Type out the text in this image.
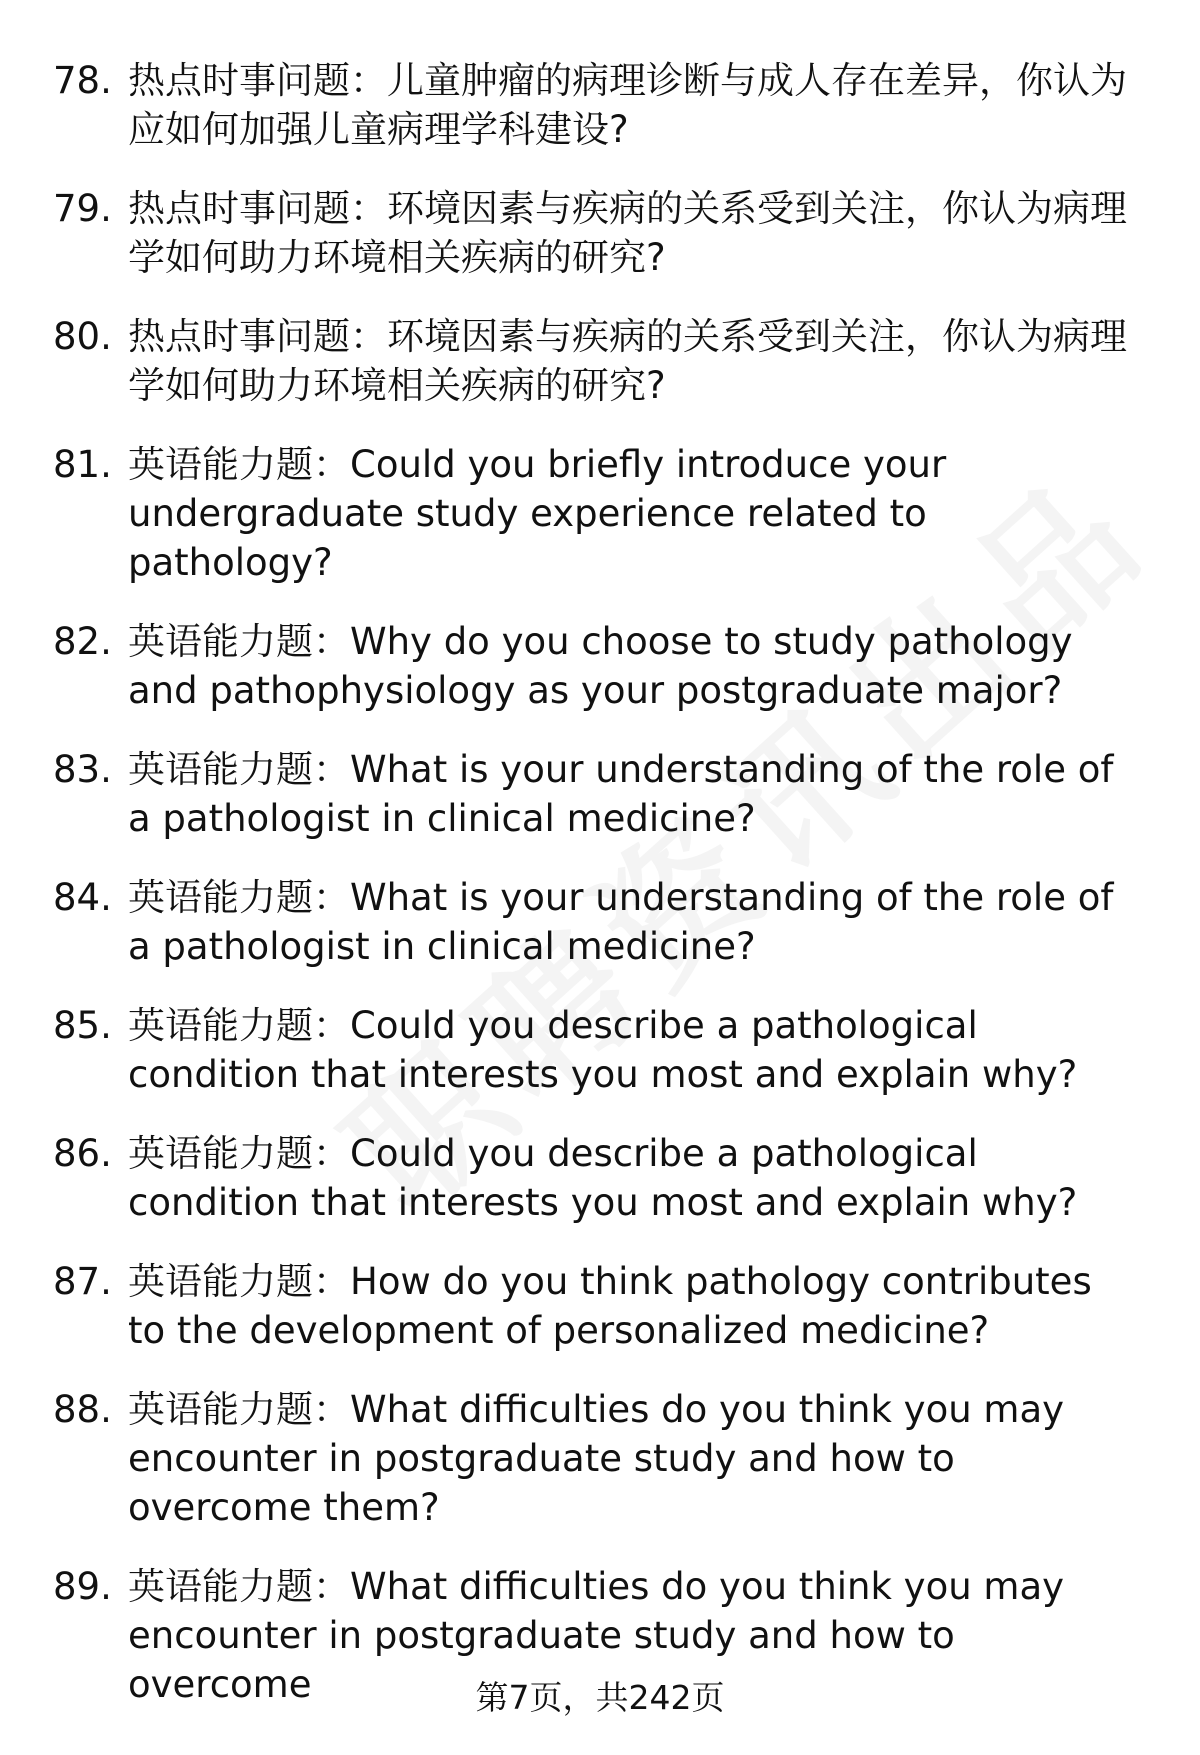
78. 热点时事问题：儿童肿瘤的病理诊断与成人存在差异，你认为应如何加强儿童病理学科建设?
79. 热点时事问题：环境因素与疾病的关系受到关注，你认为病理学如何助力环境相关疾病的研究?
80. 热点时事问题：环境因素与疾病的关系受到关注，你认为病理学如何助力环境相关疾病的研究?
81. 英语能力题：Could you briefly introduce your undergraduate study experience related to pathology?
82. 英语能力题：Why do you choose to study pathology and pathophysiology as your postgraduate major?
83. 英语能力题：What is your understanding of the role of a pathologist in clinical medicine?
84. 英语能力题：What is your understanding of the role of a pathologist in clinical medicine?
85. 英语能力题：Could you describe a pathological condition that interests you most and explain why?
86. 英语能力题：Could you describe a pathological condition that interests you most and explain why?
87. 英语能力题：How do you think pathology contributes to the development of personalized medicine?
88. 英语能力题：What difficulties do you think you may encounter in postgraduate study and how to overcome them?
89. 英语能力题：What difficulties do you think you may encounter in postgraduate study and how to overcome	第7页，共242页
